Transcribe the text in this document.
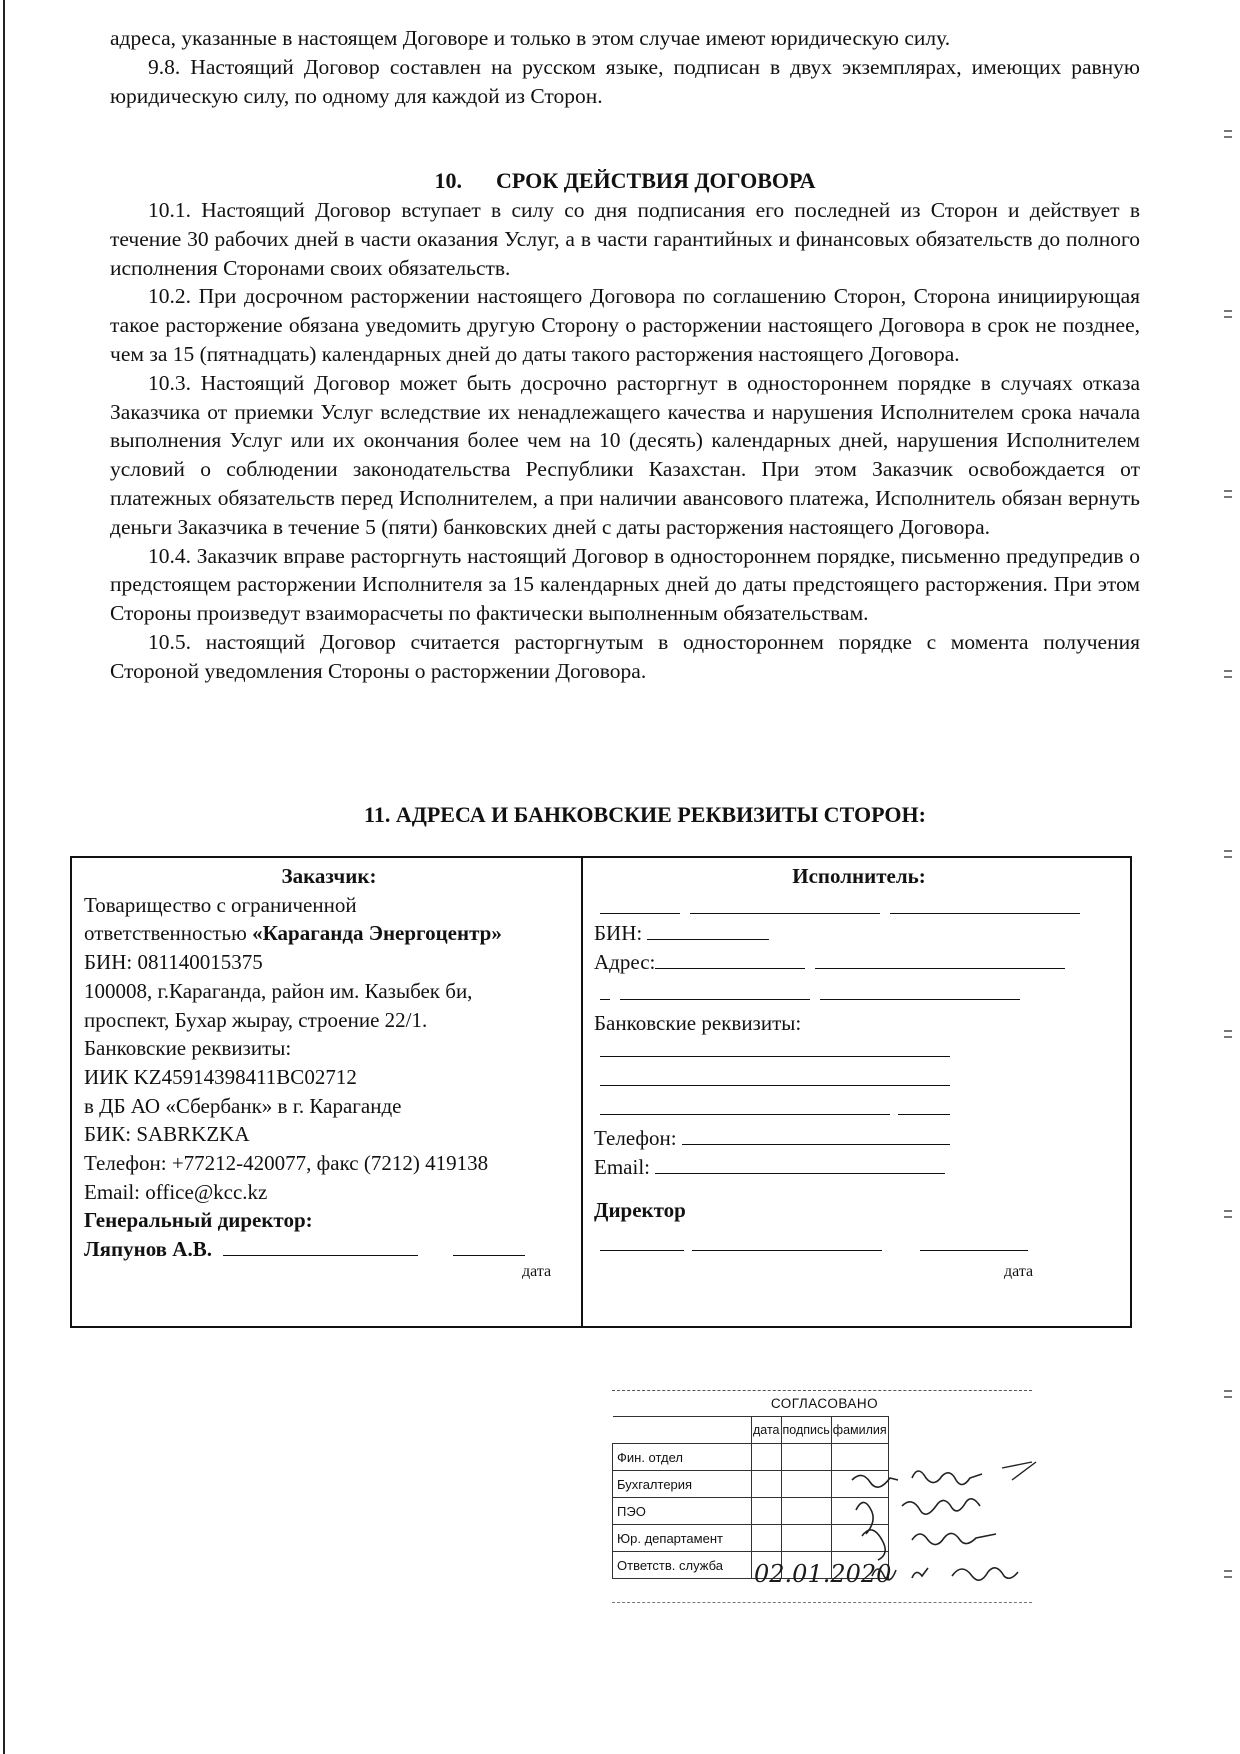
адреса, указанные в настоящем Договоре и только в этом случае имеют юридическую силу.

9.8. Настоящий Договор составлен на русском языке, подписан в двух экземплярах, имеющих равную юридическую силу, по одному для каждой из Сторон.

10. СРОК ДЕЙСТВИЯ ДОГОВОРА

10.1. Настоящий Договор вступает в силу со дня подписания его последней из Сторон и действует в течение 30 рабочих дней в части оказания Услуг, а в части гарантийных и финансовых обязательств до полного исполнения Сторонами своих обязательств.

10.2. При досрочном расторжении настоящего Договора по соглашению Сторон, Сторона инициирующая такое расторжение обязана уведомить другую Сторону о расторжении настоящего Договора в срок не позднее, чем за 15 (пятнадцать) календарных дней до даты такого расторжения настоящего Договора.

10.3. Настоящий Договор может быть досрочно расторгнут в одностороннем порядке в случаях отказа Заказчика от приемки Услуг вследствие их ненадлежащего качества и нарушения Исполнителем срока начала выполнения Услуг или их окончания более чем на 10 (десять) календарных дней, нарушения Исполнителем условий о соблюдении законодательства Республики Казахстан. При этом Заказчик освобождается от платежных обязательств перед Исполнителем, а при наличии авансового платежа, Исполнитель обязан вернуть деньги Заказчика в течение 5 (пяти) банковских дней с даты расторжения настоящего Договора.

10.4. Заказчик вправе расторгнуть настоящий Договор в одностороннем порядке, письменно предупредив о предстоящем расторжении Исполнителя за 15 календарных дней до даты предстоящего расторжения. При этом Стороны произведут взаиморасчеты по фактически выполненным обязательствам.

10.5. настоящий Договор считается расторгнутым в одностороннем порядке с момента получения Стороной уведомления Стороны о расторжении Договора.

11. АДРЕСА И БАНКОВСКИЕ РЕКВИЗИТЫ СТОРОН:
Заказчик:
Товарищество с ограниченной
ответственностью «Караганда Энергоцентр»
БИН: 081140015375
100008, г.Караганда, район им. Казыбек би,
проспект, Бухар жырау, строение 22/1.
Банковские реквизиты:
ИИК KZ45914398411BC02712
в ДБ АО «Сбербанк» в г. Караганде
БИК: SABRKZKA
Телефон: +77212-420077, факс (7212) 419138
Email: office@kcc.kz
Генеральный директор:
Ляпунов А.В.
дата
Исполнитель:
БИН:
Адрес:
Банковские реквизиты:
Телефон:
Email:
Директор
дата
СОГЛАСОВАНО
	дата	подпись	фамилия
Фин. отдел			
Бухгалтерия			
ПЭО			
Юр. департамент			
Ответств. служба			02.01.2020
